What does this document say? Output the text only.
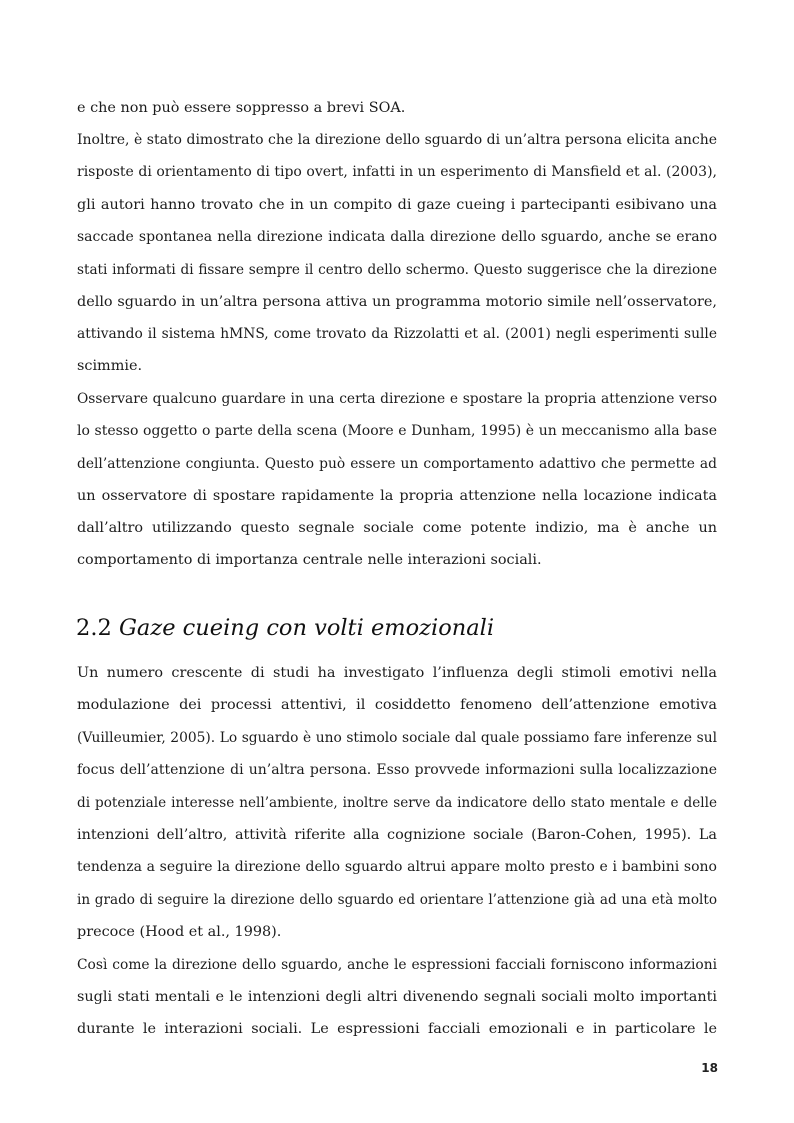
e che non può essere soppresso a brevi SOA.
Inoltre, è stato dimostrato che la direzione dello sguardo di un’altra persona elicita anche
risposte di orientamento di tipo overt, infatti in un esperimento di Mansfield et al. (2003),
gli autori hanno trovato che in un compito di gaze cueing i partecipanti esibivano una
saccade spontanea nella direzione indicata dalla direzione dello sguardo, anche se erano
stati informati di fissare sempre il centro dello schermo. Questo suggerisce che la direzione
dello sguardo in un’altra persona attiva un programma motorio simile nell’osservatore,
attivando il sistema hMNS, come trovato da Rizzolatti et al. (2001) negli esperimenti sulle
scimmie.
Osservare qualcuno guardare in una certa direzione e spostare la propria attenzione verso
lo stesso oggetto o parte della scena (Moore e Dunham, 1995) è un meccanismo alla base
dell’attenzione congiunta. Questo può essere un comportamento adattivo che permette ad
un osservatore di spostare rapidamente la propria attenzione nella locazione indicata
dall’altro utilizzando questo segnale sociale come potente indizio, ma è anche un
comportamento di importanza centrale nelle interazioni sociali.
2.2 Gaze cueing con volti emozionali
Un numero crescente di studi ha investigato l’influenza degli stimoli emotivi nella
modulazione dei processi attentivi, il cosiddetto fenomeno dell’attenzione emotiva
(Vuilleumier, 2005). Lo sguardo è uno stimolo sociale dal quale possiamo fare inferenze sul
focus dell’attenzione di un’altra persona. Esso provvede informazioni sulla localizzazione
di potenziale interesse nell’ambiente, inoltre serve da indicatore dello stato mentale e delle
intenzioni dell’altro, attività riferite alla cognizione sociale (Baron-Cohen, 1995). La
tendenza a seguire la direzione dello sguardo altrui appare molto presto e i bambini sono
in grado di seguire la direzione dello sguardo ed orientare l’attenzione già ad una età molto
precoce (Hood et al., 1998).
Così come la direzione dello sguardo, anche le espressioni facciali forniscono informazioni
sugli stati mentali e le intenzioni degli altri divenendo segnali sociali molto importanti
durante le interazioni sociali. Le espressioni facciali emozionali e in particolare le
18
